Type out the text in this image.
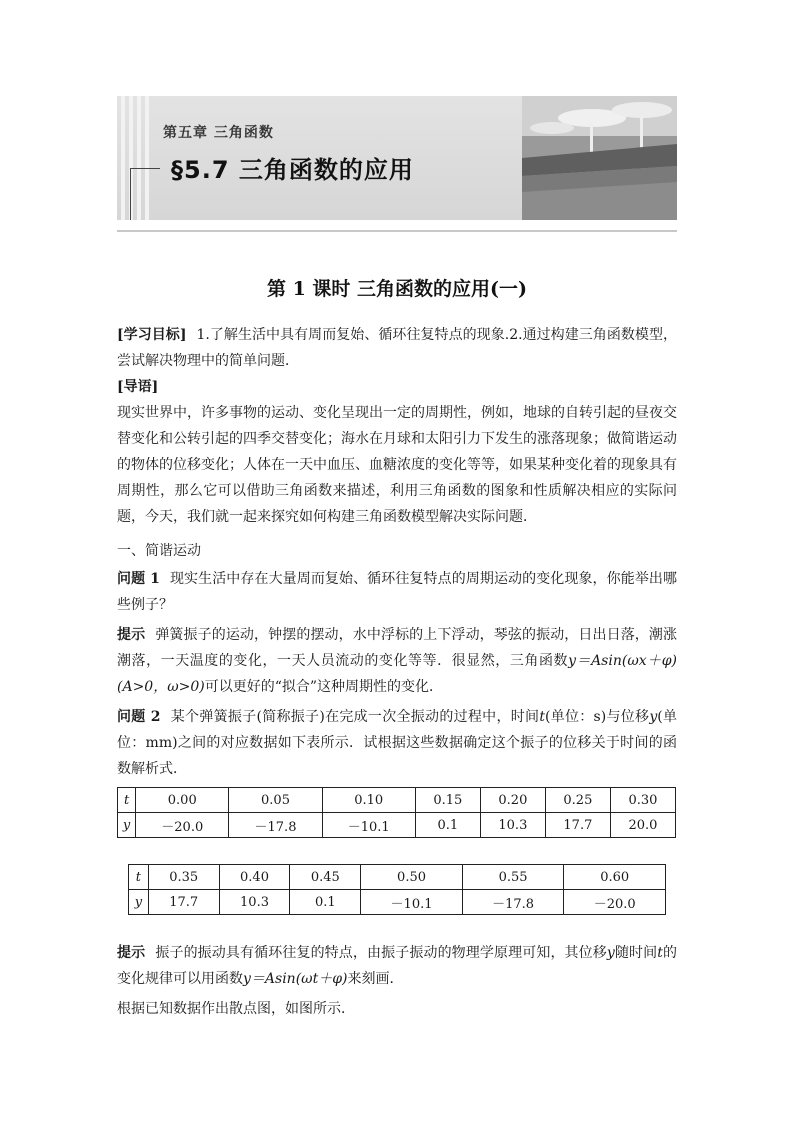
第五章 三角函数
§5.7 三角函数的应用
第 1 课时 三角函数的应用(一)
[学习目标] 1.了解生活中具有周而复始、循环往复特点的现象.2.通过构建三角函数模型，尝试解决物理中的简单问题．
[导语]
现实世界中，许多事物的运动、变化呈现出一定的周期性，例如，地球的自转引起的昼夜交替变化和公转引起的四季交替变化；海水在月球和太阳引力下发生的涨落现象；做简谐运动的物体的位移变化；人体在一天中血压、血糖浓度的变化等等，如果某种变化着的现象具有周期性，那么它可以借助三角函数来描述，利用三角函数的图象和性质解决相应的实际问题，今天，我们就一起来探究如何构建三角函数模型解决实际问题．
一、简谐运动
问题 1 现实生活中存在大量周而复始、循环往复特点的周期运动的变化现象，你能举出哪些例子？
提示 弹簧振子的运动，钟摆的摆动，水中浮标的上下浮动，琴弦的振动，日出日落，潮涨潮落，一天温度的变化，一天人员流动的变化等等．很显然，三角函数y＝Asin(ωx＋φ)(A>0，ω>0)可以更好的“拟合”这种周期性的变化．
问题 2 某个弹簧振子(简称振子)在完成一次全振动的过程中，时间t(单位：s)与位移y(单位：mm)之间的对应数据如下表所示．试根据这些数据确定这个振子的位移关于时间的函数解析式．
t	0.00	0.05	0.10	0.15	0.20	0.25	0.30
y	－20.0	－17.8	－10.1	0.1	10.3	17.7	20.0
t	0.35	0.40	0.45	0.50	0.55	0.60
y	17.7	10.3	0.1	－10.1	－17.8	－20.0
提示 振子的振动具有循环往复的特点，由振子振动的物理学原理可知，其位移y随时间t的变化规律可以用函数y＝Asin(ωt＋φ)来刻画．
根据已知数据作出散点图，如图所示．
